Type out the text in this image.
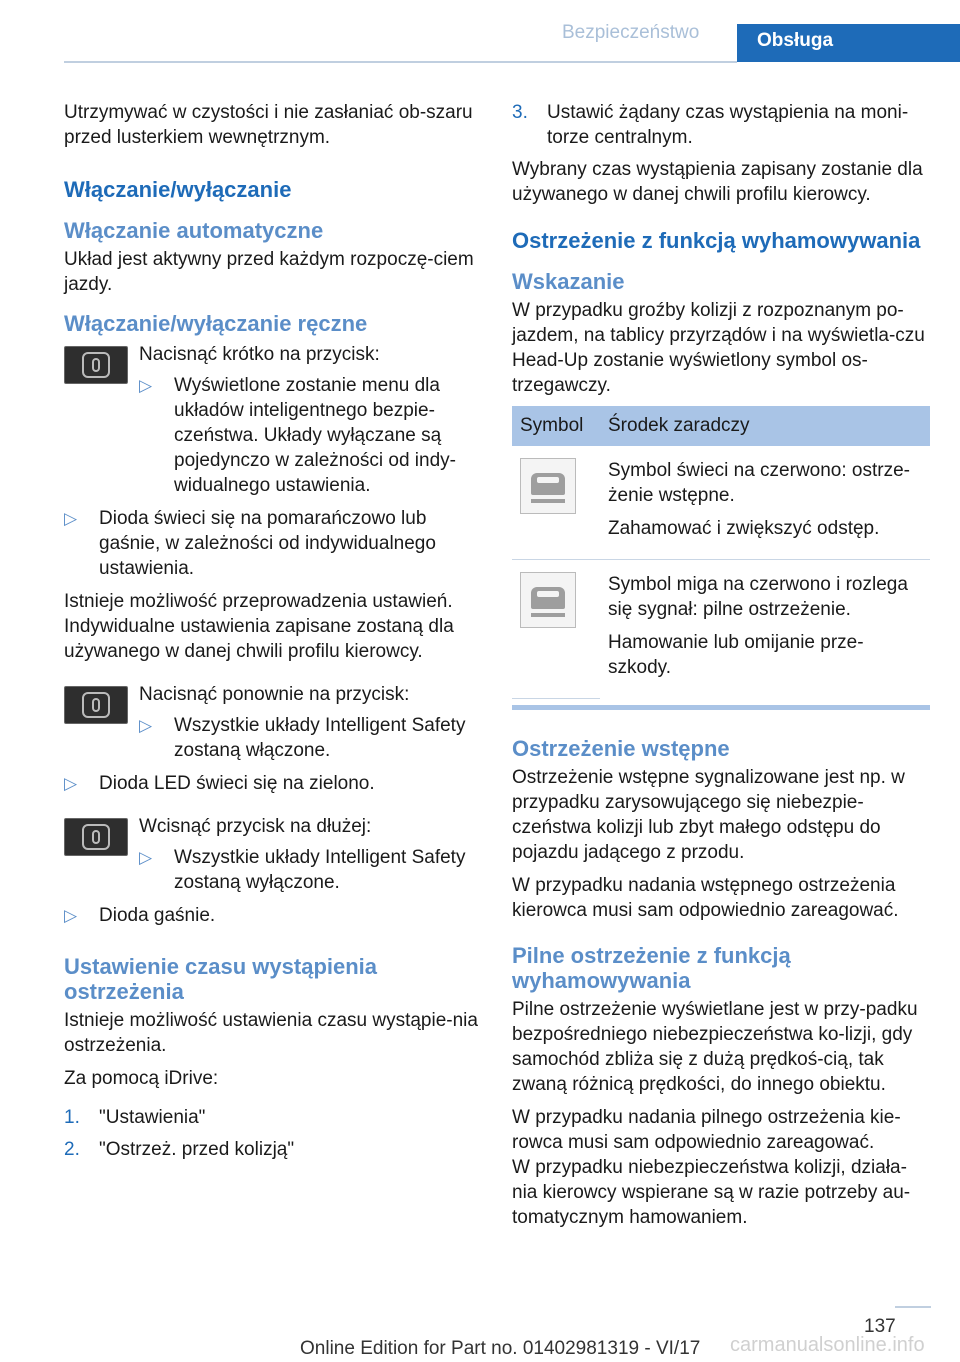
Bezpieczeństwo	Obsługa

Utrzymywać w czystości i nie zasłaniać ob-szaru przed lusterkiem wewnętrznym.

Włączanie/wyłączanie
Włączanie automatyczne

Układ jest aktywny przed każdym rozpoczę-ciem jazdy.

Włączanie/wyłączanie ręczne
Nacisnąć krótko na przycisk:
▷ Wyświetlone zostanie menu dla układów inteligentnego bezpie-czeństwa. Układy wyłączane są pojedynczo w zależności od indy-widualnego ustawienia.
▷ Dioda świeci się na pomarańczowo lub gaśnie, w zależności od indywidualnego ustawienia.

Istnieje możliwość przeprowadzenia ustawień. Indywidualne ustawienia zapisane zostaną dla używanego w danej chwili profilu kierowcy.

Nacisnąć ponownie na przycisk:
▷ Wszystkie układy Intelligent Safety zostaną włączone.
▷ Dioda LED świeci się na zielono.
Wcisnąć przycisk na dłużej:
▷ Wszystkie układy Intelligent Safety zostaną wyłączone.
▷ Dioda gaśnie.
Ustawienie czasu wystąpienia ostrzeżenia

Istnieje możliwość ustawienia czasu wystąpie-nia ostrzeżenia.

Za pomocą iDrive:

1. "Ustawienia"
2. "Ostrzeż. przed kolizją"
3. Ustawić żądany czas wystąpienia na moni-torze centralnym.

Wybrany czas wystąpienia zapisany zostanie dla używanego w danej chwili profilu kierowcy.

Ostrzeżenie z funkcją wyhamowywania
Wskazanie

W przypadku groźby kolizji z rozpoznanym po-jazdem, na tablicy przyrządów i na wyświetla-czu Head-Up zostanie wyświetlony symbol os-trzegawczy.

Symbol	Środek zaradczy

	Symbol świeci na czerwono: ostrze-żenie wstępne.

Zahamować i zwiększyć odstęp.

	Symbol miga na czerwono i rozlega się sygnał: pilne ostrzeżenie.

Hamowanie lub omijanie prze-szkody.

Ostrzeżenie wstępne

Ostrzeżenie wstępne sygnalizowane jest np. w przypadku zarysowującego się niebezpie-czeństwa kolizji lub zbyt małego odstępu do pojazdu jadącego z przodu.

W przypadku nadania wstępnego ostrzeżenia kierowca musi sam odpowiednio zareagować.

Pilne ostrzeżenie z funkcją wyhamowywania

Pilne ostrzeżenie wyświetlane jest w przy-padku bezpośredniego niebezpieczeństwa ko-lizji, gdy samochód zbliża się z dużą prędkoś-cią, tak zwaną różnicą prędkości, do innego obiektu.

W przypadku nadania pilnego ostrzeżenia kie-rowca musi sam odpowiednio zareagować.

W przypadku niebezpieczeństwa kolizji, działa-nia kierowcy wspierane są w razie potrzeby au-tomatycznym hamowaniem.

137
carmanualsonline.info
Online Edition for Part no. 01402981319 - VI/17
